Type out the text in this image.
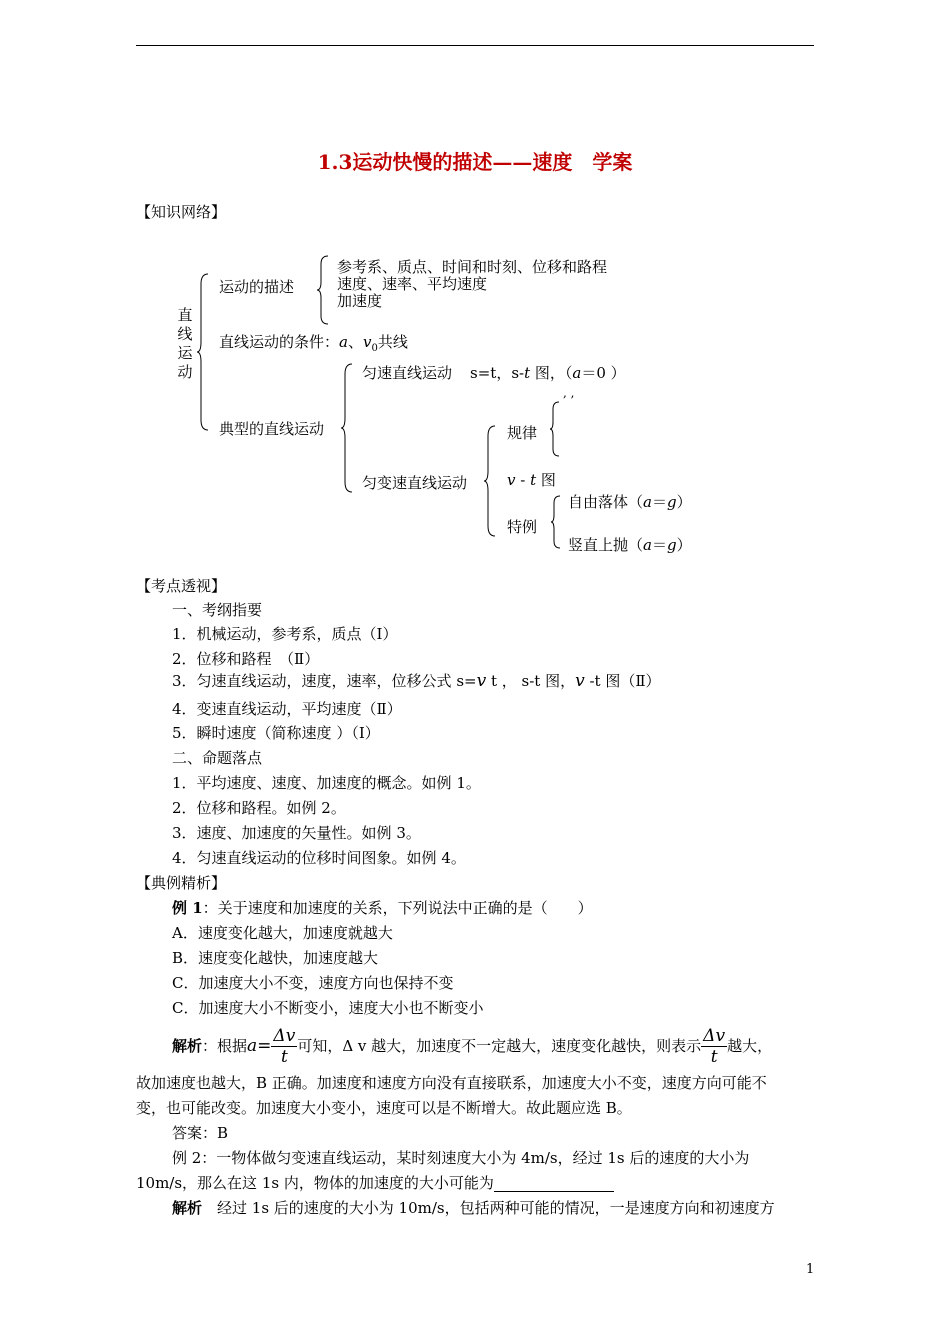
1.3运动快慢的描述——速度　学案
【知识网络】
直
线
运
动
运动的描述
参考系、质点、时间和时刻、位移和路程
速度、速率、平均速度
加速度
直线运动的条件：a、$v_0$共线
典型的直线运动
匀速直线运动 s=t，s-t 图，（a＝0 ）
, ,
匀变速直线运动
规律
v - t 图
特例
自由落体（a＝g）
竖直上抛（a＝g）
【考点透视】
一、考纲指要
1．机械运动，参考系，质点（Ⅰ）
2．位移和路程　（Ⅱ）
3．匀速直线运动，速度，速率，位移公式 s=v t ， s-t 图，v -t 图（Ⅱ）
4．变速直线运动，平均速度（Ⅱ）
5．瞬时速度（简称速度 ）（Ⅰ）
二、命题落点
1．平均速度、速度、加速度的概念。如例 1。
2．位移和路程。如例 2。
3．速度、加速度的矢量性。如例 3。
4．匀速直线运动的位移时间图象。如例 4。
【典例精析】
例 1：关于速度和加速度的关系，下列说法中正确的是（　　）
A．速度变化越大，加速度就越大
B．速度变化越快，加速度越大
C．加速度大小不变，速度方向也保持不变
C．加速度大小不断变小，速度大小也不断变小
解析 ：根据 $a = \frac{\Delta v}{t}$ 可知，Δ v 越大，加速度不一定越大，速度变化越快，则表示 $\frac{\Delta v}{t}$ 越大，
故加速度也越大，B 正确。加速度和速度方向没有直接联系，加速度大小不变，速度方向可能不
变，也可能改变。加速度大小变小，速度可以是不断增大。故此题应选 B。
答案：B
例 2：一物体做匀变速直线运动，某时刻速度大小为 4m/s，经过 1s 后的速度的大小为
10m/s，那么在这 1s 内，物体的加速度的大小可能为
解析　经过 1s 后的速度的大小为 10m/s，包括两种可能的情况，一是速度方向和初速度方
1
